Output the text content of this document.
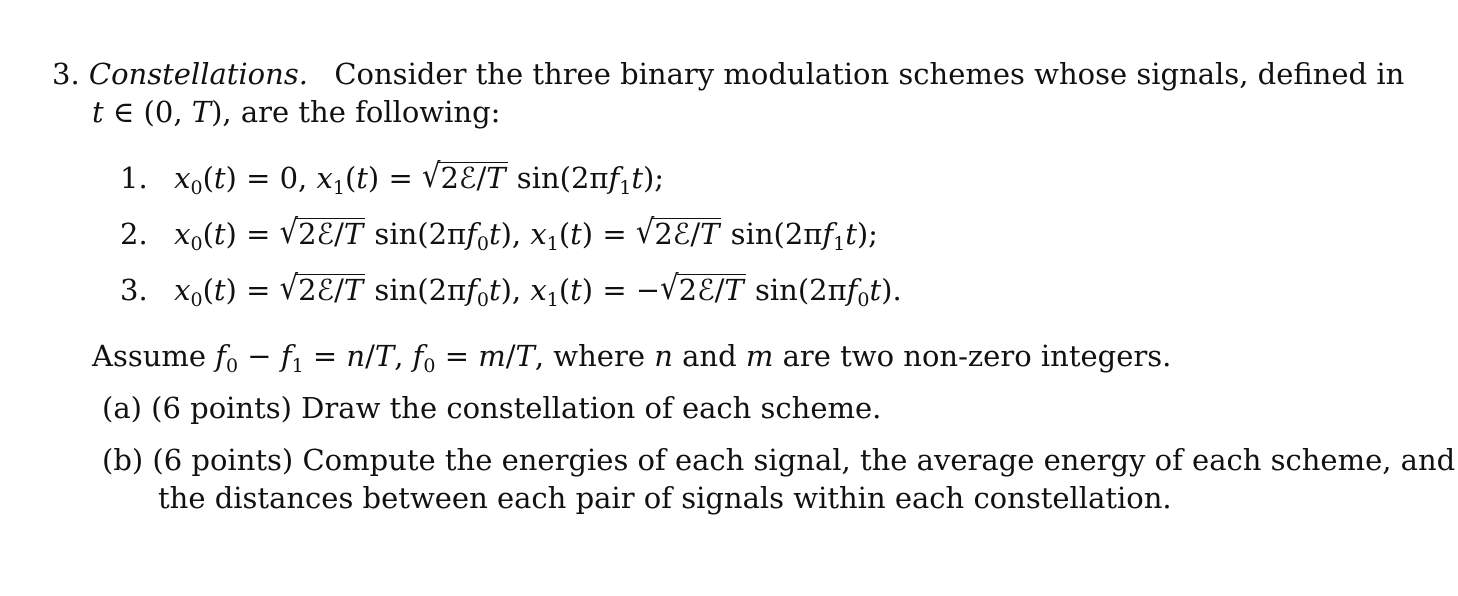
3. Constellations. Consider the three binary modulation schemes whose signals, defined in
t ∈ (0, T), are the following:
1. $x_0(t) = 0$, $x_1(t)$ = √2ℰ/T $\sin(2\pi f_1t)$;
2. $x_0(t)$ = √2ℰ/T $\sin(2\pi f_0t)$, $x_1(t)$ = √2ℰ/T $\sin(2\pi f_1t)$;
3. $x_0(t)$ = √2ℰ/T $\sin(2\pi f_0t)$, $x_1(t)$ = −√2ℰ/T $\sin(2\pi f_0t)$.
Assume $f_0 - f_1 = n/T$, $f_0 = m/T$, where n and m are two non-zero integers.
(a) (6 points) Draw the constellation of each scheme.
(b) (6 points) Compute the energies of each signal, the average energy of each scheme, and
the distances between each pair of signals within each constellation.
